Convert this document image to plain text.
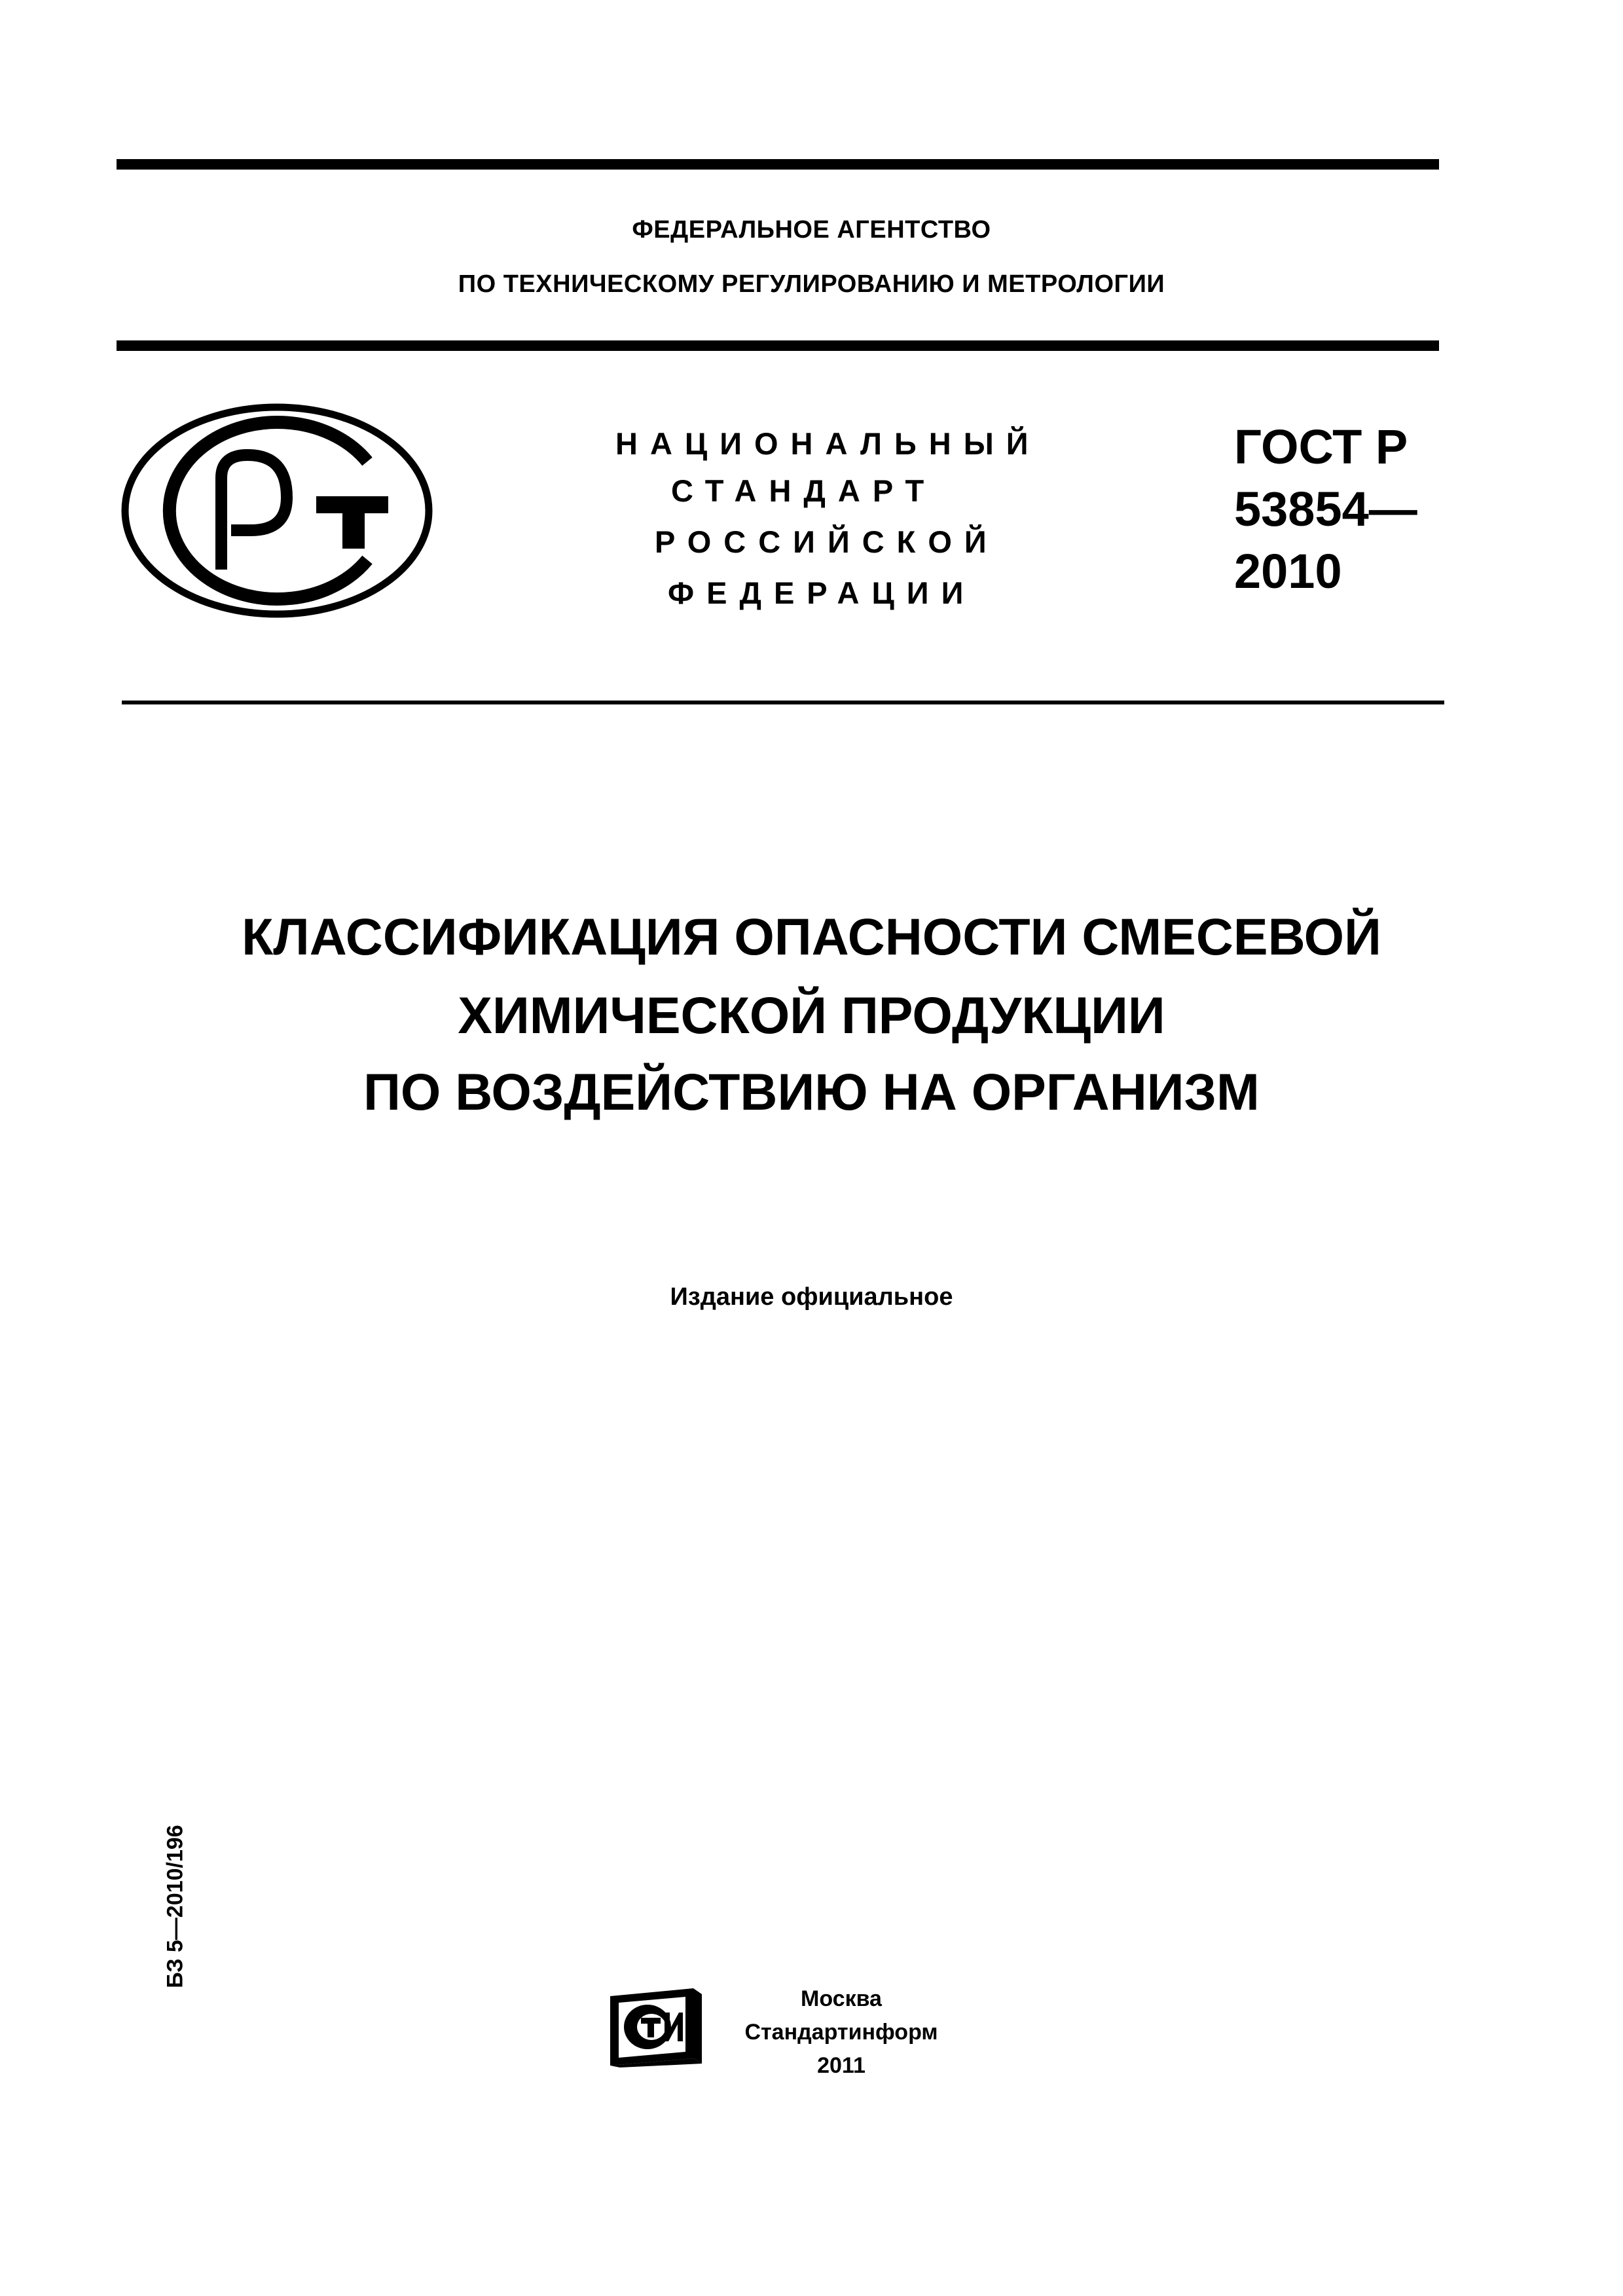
ФЕДЕРАЛЬНОЕ АГЕНТСТВО
ПО ТЕХНИЧЕСКОМУ РЕГУЛИРОВАНИЮ И МЕТРОЛОГИИ
НАЦИОНАЛЬНЫЙ
СТАНДАРТ
РОССИЙСКОЙ
ФЕДЕРАЦИИ
ГОСТ Р
53854—
2010
КЛАССИФИКАЦИЯ ОПАСНОСТИ СМЕСЕВОЙ
ХИМИЧЕСКОЙ ПРОДУКЦИИ
ПО ВОЗДЕЙСТВИЮ НА ОРГАНИЗМ
Издание официальное
БЗ 5—2010/196
Москва
Стандартинформ
2011
